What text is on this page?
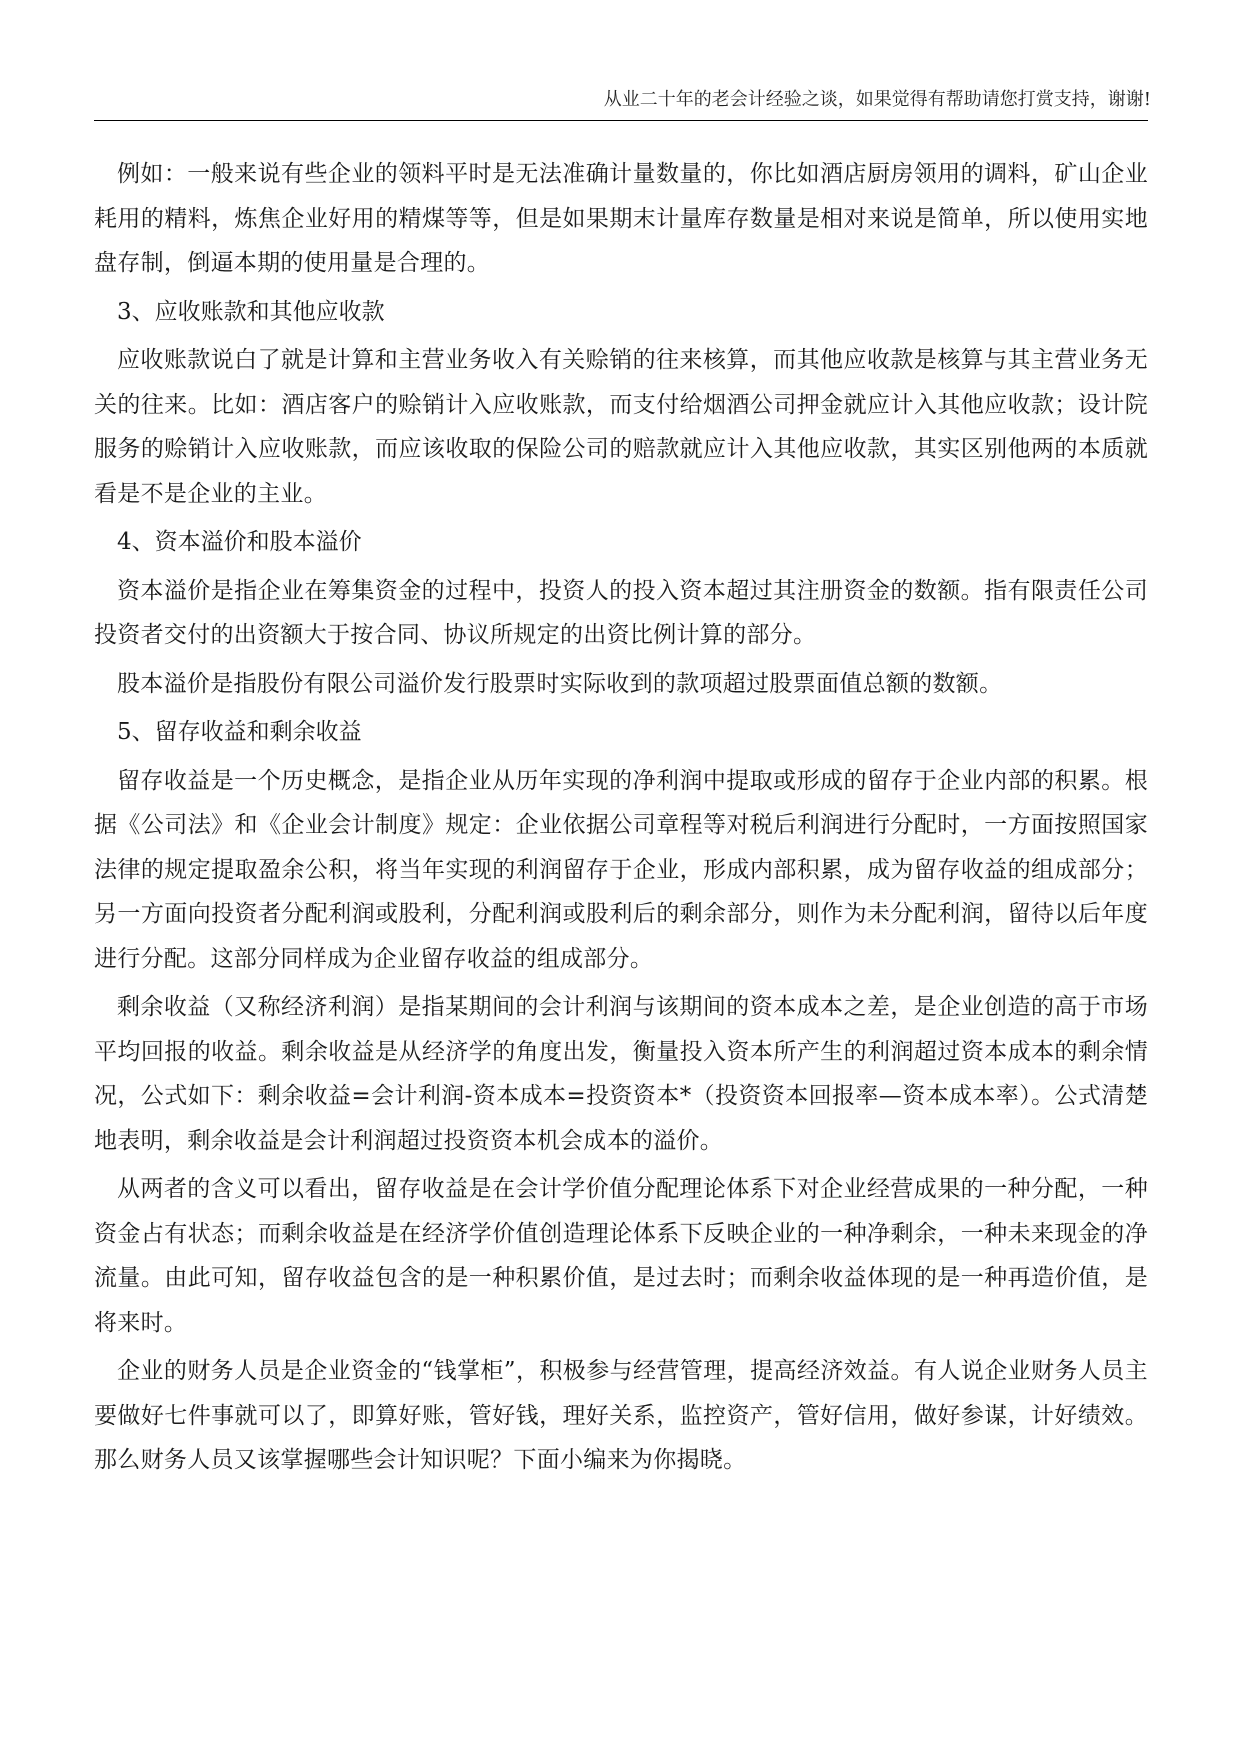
从业二十年的老会计经验之谈，如果觉得有帮助请您打赏支持，谢谢!

例如：一般来说有些企业的领料平时是无法准确计量数量的，你比如酒店厨房领用的调料，矿山企业耗用的精料，炼焦企业好用的精煤等等，但是如果期末计量库存数量是相对来说是简单，所以使用实地盘存制，倒逼本期的使用量是合理的。

3、应收账款和其他应收款

应收账款说白了就是计算和主营业务收入有关赊销的往来核算，而其他应收款是核算与其主营业务无关的往来。比如：酒店客户的赊销计入应收账款，而支付给烟酒公司押金就应计入其他应收款；设计院服务的赊销计入应收账款，而应该收取的保险公司的赔款就应计入其他应收款，其实区别他两的本质就看是不是企业的主业。

4、资本溢价和股本溢价

资本溢价是指企业在筹集资金的过程中，投资人的投入资本超过其注册资金的数额。指有限责任公司投资者交付的出资额大于按合同、协议所规定的出资比例计算的部分。

股本溢价是指股份有限公司溢价发行股票时实际收到的款项超过股票面值总额的数额。

5、留存收益和剩余收益

留存收益是一个历史概念，是指企业从历年实现的净利润中提取或形成的留存于企业内部的积累。根据《公司法》和《企业会计制度》规定：企业依据公司章程等对税后利润进行分配时，一方面按照国家法律的规定提取盈余公积，将当年实现的利润留存于企业，形成内部积累，成为留存收益的组成部分；另一方面向投资者分配利润或股利，分配利润或股利后的剩余部分，则作为未分配利润，留待以后年度进行分配。这部分同样成为企业留存收益的组成部分。

剩余收益（又称经济利润）是指某期间的会计利润与该期间的资本成本之差，是企业创造的高于市场平均回报的收益。剩余收益是从经济学的角度出发，衡量投入资本所产生的利润超过资本成本的剩余情况，公式如下：剩余收益=会计利润-资本成本=投资资本*（投资资本回报率—资本成本率）。公式清楚地表明，剩余收益是会计利润超过投资资本机会成本的溢价。

从两者的含义可以看出，留存收益是在会计学价值分配理论体系下对企业经营成果的一种分配，一种资金占有状态；而剩余收益是在经济学价值创造理论体系下反映企业的一种净剩余，一种未来现金的净流量。由此可知，留存收益包含的是一种积累价值，是过去时；而剩余收益体现的是一种再造价值，是将来时。

企业的财务人员是企业资金的“钱掌柜”，积极参与经营管理，提高经济效益。有人说企业财务人员主要做好七件事就可以了，即算好账，管好钱，理好关系，监控资产，管好信用，做好参谋，计好绩效。那么财务人员又该掌握哪些会计知识呢？下面小编来为你揭晓。
